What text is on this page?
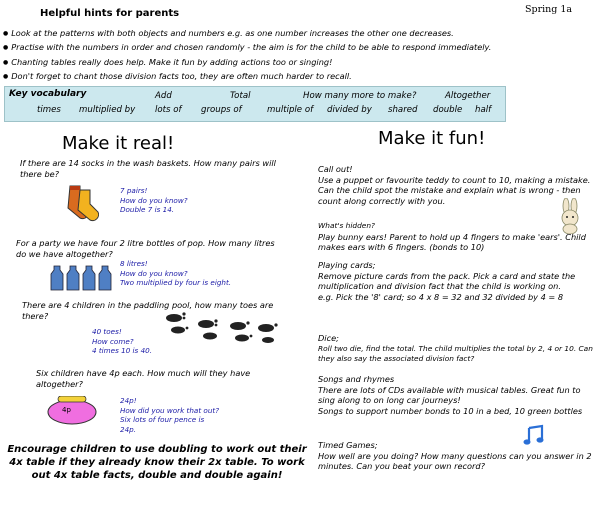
Helpful hints for parents	Spring 1a
● Look at the patterns with both objects and numbers e.g. as one number increases the other one decreases.
● Practise with the numbers in order and chosen randomly - the aim is for the child to be able to respond immediately.
● Chanting tables really does help. Make it fun by adding actions too or singing!
● Don't forget to chant those division facts too, they are often much harder to recall.
Key vocabulary	Add	Total	How many more to make?	Altogether
times multiplied by lots of groups of	multiple of divided by shared double half
Make it real!
If there are 14 socks in the wash baskets. How many pairs will there be?
7 pairs!
How do you know?
Double 7 is 14.
For a party we have four 2 litre bottles of pop. How many litres do we have altogether?
8 litres!
How do you know?
Two multiplied by four is eight.
There are 4 children in the paddling pool, how many toes are there?
40 toes!
How come?
4 times 10 is 40.
Six children have 4p each. How much will they have altogether?
4p
24p!
How did you work that out?
Six lots of four pence is
24p.
Encourage children to use doubling to work out their 4x table if they already know their 2x table. To work out 4x table facts, double and double again!
Make it fun!
Call out!
Use a puppet or favourite teddy to count to 10, making a mistake. Can the child spot the mistake and explain what is wrong - then count along correctly with you.
What's hidden?
Play bunny ears! Parent to hold up 4 fingers to make 'ears'. Child makes ears with 6 fingers. (bonds to 10)
Playing cards;
Remove picture cards from the pack. Pick a card and state the multiplication and division fact that the child is working on.
e.g. Pick the '8' card; so 4 x 8 = 32 and 32 divided by 4 = 8
Dice;
Roll two die, find the total. The child multiplies the total by 2, 4 or 10. Can they also say the associated division fact?
Songs and rhymes
There are lots of CDs available with musical tables. Great fun to sing along to on long car journeys!
Songs to support number bonds to 10 in a bed, 10 green bottles
Timed Games;
How well are you doing? How many questions can you answer in 2 minutes. Can you beat your own record?
